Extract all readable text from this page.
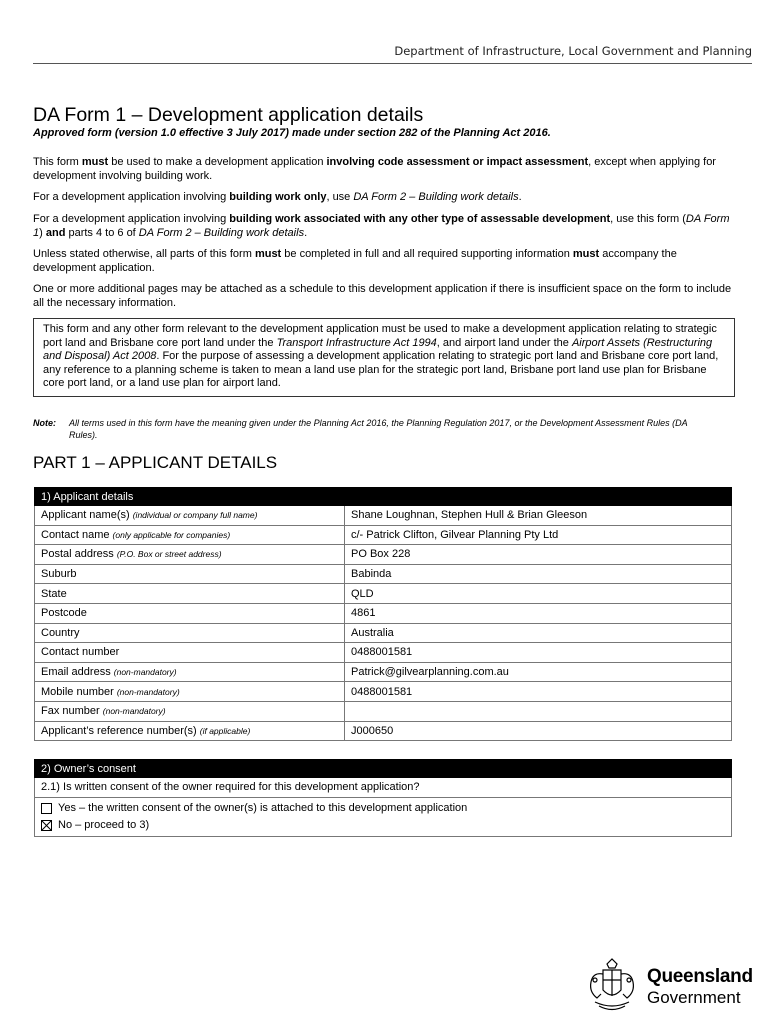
Department of Infrastructure, Local Government and Planning
DA Form 1 – Development application details
Approved form (version 1.0 effective 3 July 2017) made under section 282 of the Planning Act 2016.

This form must be used to make a development application involving code assessment or impact assessment, except when applying for development involving building work.

For a development application involving building work only, use DA Form 2 – Building work details.

For a development application involving building work associated with any other type of assessable development, use this form (DA Form 1) and parts 4 to 6 of DA Form 2 – Building work details.

Unless stated otherwise, all parts of this form must be completed in full and all required supporting information must accompany the development application.

One or more additional pages may be attached as a schedule to this development application if there is insufficient space on the form to include all the necessary information.

This form and any other form relevant to the development application must be used to make a development application relating to strategic port land and Brisbane core port land under the Transport Infrastructure Act 1994, and airport land under the Airport Assets (Restructuring and Disposal) Act 2008. For the purpose of assessing a development application relating to strategic port land and Brisbane core port land, any reference to a planning scheme is taken to mean a land use plan for the strategic port land, Brisbane port land use plan for Brisbane core port land, or a land use plan for airport land.
Note: All terms used in this form have the meaning given under the Planning Act 2016, the Planning Regulation 2017, or the Development Assessment Rules (DA Rules).
PART 1 – APPLICANT DETAILS
1) Applicant details	
Applicant name(s) (individual or company full name)	Shane Loughnan, Stephen Hull & Brian Gleeson
Contact name (only applicable for companies)	c/- Patrick Clifton, Gilvear Planning Pty Ltd
Postal address (P.O. Box or street address)	PO Box 228
Suburb	Babinda
State	QLD
Postcode	4861
Country	Australia
Contact number	0488001581
Email address (non-mandatory)	Patrick@gilvearplanning.com.au
Mobile number (non-mandatory)	0488001581
Fax number (non-mandatory)	
Applicant’s reference number(s) (if applicable)	J000650
2) Owner’s consent
2.1) Is written consent of the owner required for this development application?

Yes – the written consent of the owner(s) is attached to this development application
No – proceed to 3)
Queensland
Government
